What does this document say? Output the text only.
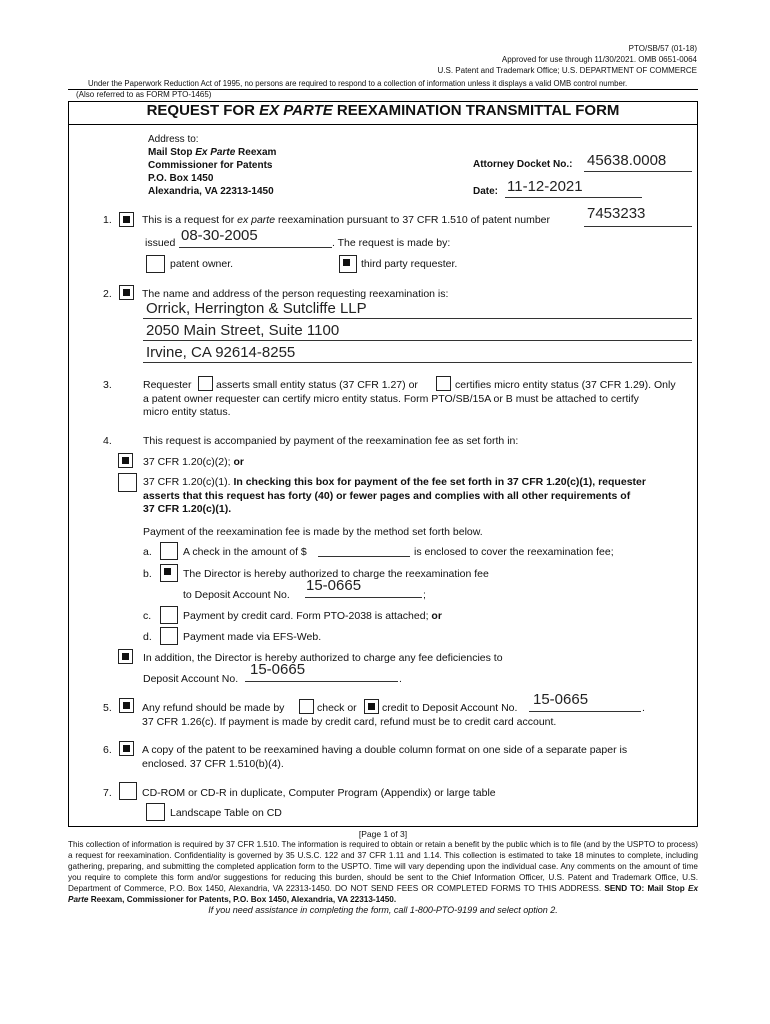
PTO/SB/57 (01-18)
Approved for use through 11/30/2021. OMB 0651-0064
U.S. Patent and Trademark Office; U.S. DEPARTMENT OF COMMERCE
Under the Paperwork Reduction Act of 1995, no persons are required to respond to a collection of information unless it displays a valid OMB control number.
(Also referred to as FORM PTO-1465)
REQUEST FOR EX PARTE REEXAMINATION TRANSMITTAL FORM
Address to:
Mail Stop Ex Parte Reexam
Commissioner for Patents
P.O. Box 1450
Alexandria, VA 22313-1450
Attorney Docket No.: 45638.0008
Date: 11-12-2021
1.	This is a request for ex parte reexamination pursuant to 37 CFR 1.510 of patent number 7453233
issued 08-30-2005	. The request is made by:
patent owner.	third party requester.
2.	The name and address of the person requesting reexamination is:
Orrick, Herrington & Sutcliffe LLP
2050 Main Street, Suite 1100
Irvine, CA 92614-8255
3.	Requester asserts small entity status (37 CFR 1.27) or	certifies micro entity status (37 CFR 1.29). Only
a patent owner requester can certify micro entity status. Form PTO/SB/15A or B must be attached to certify
micro entity status.
4.	This request is accompanied by payment of the reexamination fee as set forth in:
37 CFR 1.20(c)(2); or
37 CFR 1.20(c)(1). In checking this box for payment of the fee set forth in 37 CFR 1.20(c)(1), requester
asserts that this request has forty (40) or fewer pages and complies with all other requirements of
37 CFR 1.20(c)(1).
Payment of the reexamination fee is made by the method set forth below.
a.	A check in the amount of $	is enclosed to cover the reexamination fee;
b.	The Director is hereby authorized to charge the reexamination fee
to Deposit Account No.
15-0665
;
c.	Payment by credit card. Form PTO-2038 is attached; or
d.	Payment made via EFS-Web.
In addition, the Director is hereby authorized to charge any fee deficiencies to
Deposit Account No.
15-0665
.
5.	Any refund should be made by	check or credit to Deposit Account No. 15-0665	.
37 CFR 1.26(c). If payment is made by credit card, refund must be to credit card account.
6.	A copy of the patent to be reexamined having a double column format on one side of a separate paper is
enclosed. 37 CFR 1.510(b)(4).
7.	CD-ROM or CD-R in duplicate, Computer Program (Appendix) or large table
Landscape Table on CD
[Page 1 of 3]
This collection of information is required by 37 CFR 1.510. The information is required to obtain or retain a benefit by the public which is to file (and by the USPTO to process) a request for reexamination. Confidentiality is governed by 35 U.S.C. 122 and 37 CFR 1.11 and 1.14. This collection is estimated to take 18 minutes to complete, including gathering, preparing, and submitting the completed application form to the USPTO. Time will vary depending upon the individual case. Any comments on the amount of time you require to complete this form and/or suggestions for reducing this burden, should be sent to the Chief Information Officer, U.S. Patent and Trademark Office, U.S. Department of Commerce, P.O. Box 1450, Alexandria, VA 22313-1450. DO NOT SEND FEES OR COMPLETED FORMS TO THIS ADDRESS. SEND TO: Mail Stop Ex Parte Reexam, Commissioner for Patents, P.O. Box 1450, Alexandria, VA 22313-1450.
If you need assistance in completing the form, call 1-800-PTO-9199 and select option 2.
